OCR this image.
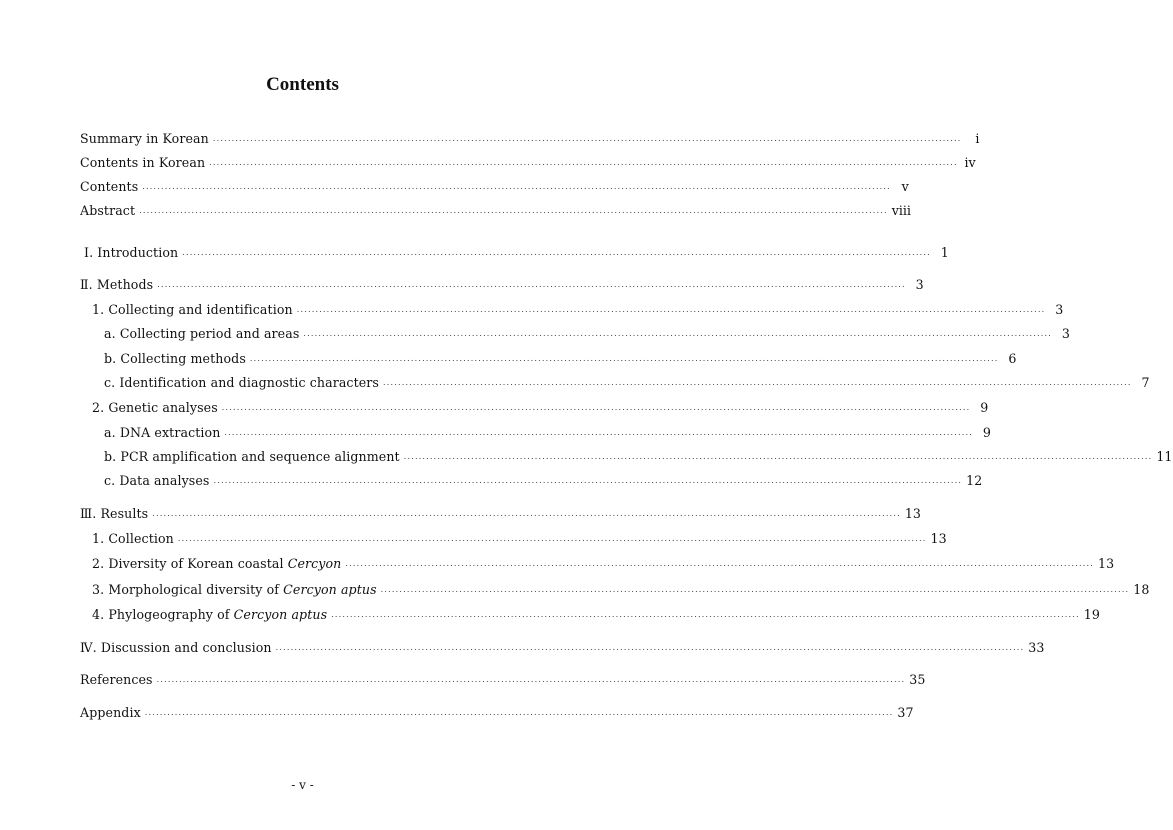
Contents
Summary in Korean ........................................................................................................................................................................................................	i
Contents in Korean ........................................................................................................................................................................................................ ⅳ
Contents ........................................................................................................................................................................................................ v
Abstract ........................................................................................................................................................................................................ ⅷ
Ⅰ. Introduction ........................................................................................................................................................................................................ 1
Ⅱ. Methods ........................................................................................................................................................................................................ 3
1. Collecting and identification ........................................................................................................................................................................................................ 3
a. Collecting period and areas ........................................................................................................................................................................................................ 3
b. Collecting methods ........................................................................................................................................................................................................ 6
c. Identification and diagnostic characters ........................................................................................................................................................................................................ 7
2. Genetic analyses ........................................................................................................................................................................................................ 9
a. DNA extraction ........................................................................................................................................................................................................ 9
b. PCR amplification and sequence alignment ........................................................................................................................................................................................................ 11
c. Data analyses ........................................................................................................................................................................................................ 12
Ⅲ. Results ........................................................................................................................................................................................................ 13
1. Collection ........................................................................................................................................................................................................ 13
2. Diversity of Korean coastal Cercyon ........................................................................................................................................................................................................ 13
3. Morphological diversity of Cercyon aptus ........................................................................................................................................................................................................ 18
4. Phylogeography of Cercyon aptus ........................................................................................................................................................................................................ 19
Ⅳ. Discussion and conclusion ........................................................................................................................................................................................................ 33
References ........................................................................................................................................................................................................ 35
Appendix ........................................................................................................................................................................................................ 37
- v -
